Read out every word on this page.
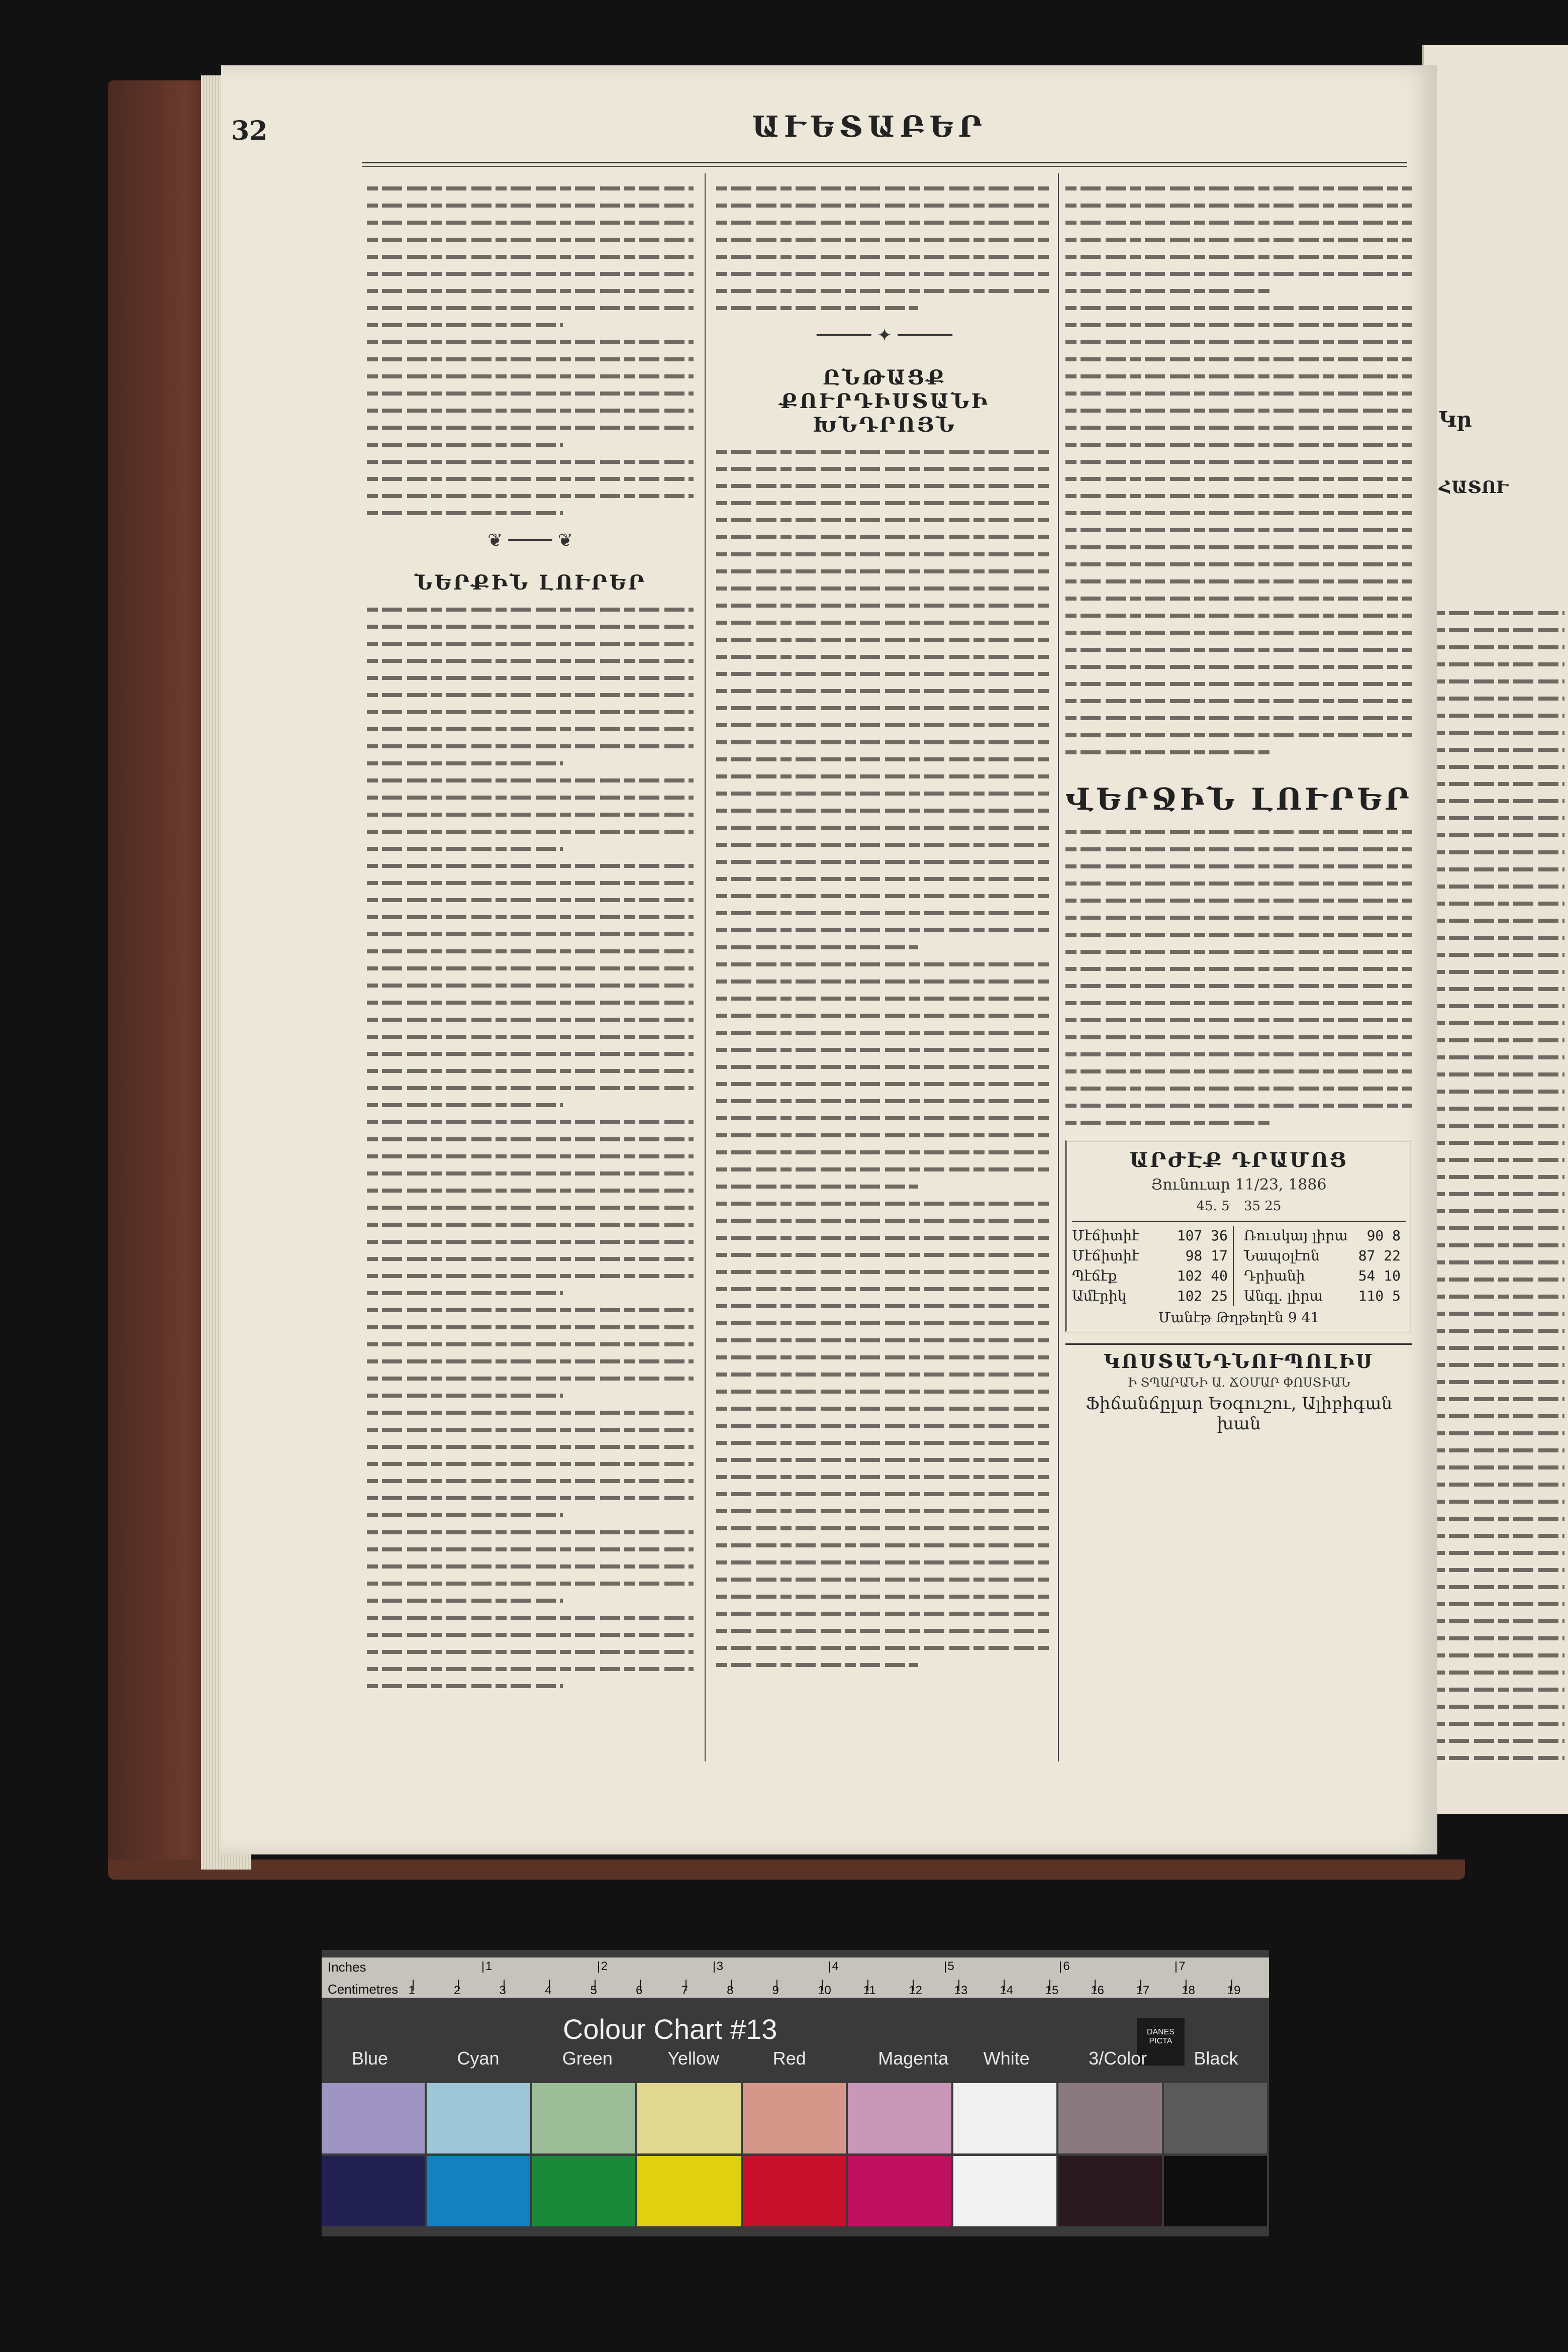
Կր
ՀԱՏՈՒ
32	ԱՒԵՏԱԲԵՐ
❦ ──── ❦
ՆԵՐՔԻՆ ԼՈՒՐԵՐ
───── ✦ ─────
ԸՆԹԱՑՔ ՔՈՒՐԴԻՍՏԱՆԻ ԽՆԴՐՈՅՆ
ՎԵՐՋԻՆ ԼՈՒՐԵՐ
ԱՐԺԷՔ ԴՐԱՄՈՑ
Յունուար 11/23, 1886
45. 5 35 25
Մէճիտիէ	107 36
Մէճիտիէ	98 17
Պէճէք	102 40
Ամէրիկ	102 25
Ռուսկայ լիրա 90 8
Նապօլէոն	87 22
Դրիանի	54 10
Անգլ. լիրա	110 5
Մանէթ Թղթեղէն 9 41
ԿՈՍՏԱՆԴՆՈՒՊՈԼԻՍ
Ի ՏՊԱՐԱՆԻ Ա. ՃՕՄԱՐ ՓՈՍՏԻԱՆ
Ֆիճանճըլար Եօգուշու, Ալիբիգան խան
Inches
Centimetres 1	2	3	4	5	6	7	8	9	10	11	12	13	14	15	16	17	18	19
1	2	3	4	5	6	7
Colour Chart #13	DANES PICTA
Blue	Cyan	Green	Yellow	Red	Magenta White	3/Color	Black
